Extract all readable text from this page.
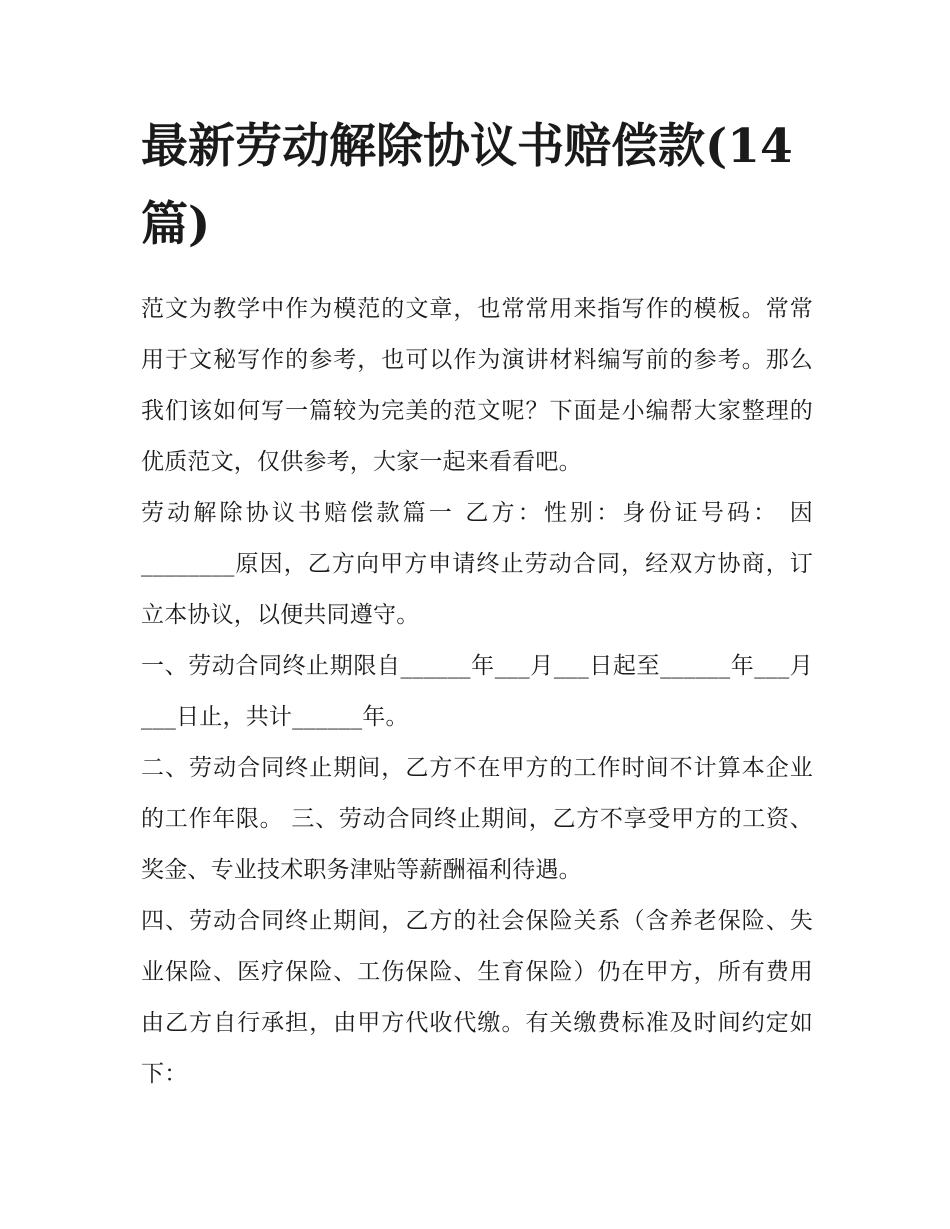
最新劳动解除协议书赔偿款(14篇)

范文为教学中作为模范的文章，也常常用来指写作的模板。常常用于文秘写作的参考，也可以作为演讲材料编写前的参考。那么我们该如何写一篇较为完美的范文呢？下面是小编帮大家整理的优质范文，仅供参考，大家一起来看看吧。

劳动解除协议书赔偿款篇一 乙方：性别：身份证号码： 因________原因，乙方向甲方申请终止劳动合同，经双方协商，订立本协议，以便共同遵守。

一、劳动合同终止期限自______年___月___日起至______年___月___日止，共计______年。

二、劳动合同终止期间，乙方不在甲方的工作时间不计算本企业的工作年限。 三、劳动合同终止期间，乙方不享受甲方的工资、奖金、专业技术职务津贴等薪酬福利待遇。

四、劳动合同终止期间，乙方的社会保险关系（含养老保险、失业保险、医疗保险、工伤保险、生育保险）仍在甲方，所有费用由乙方自行承担，由甲方代收代缴。有关缴费标准及时间约定如下：
